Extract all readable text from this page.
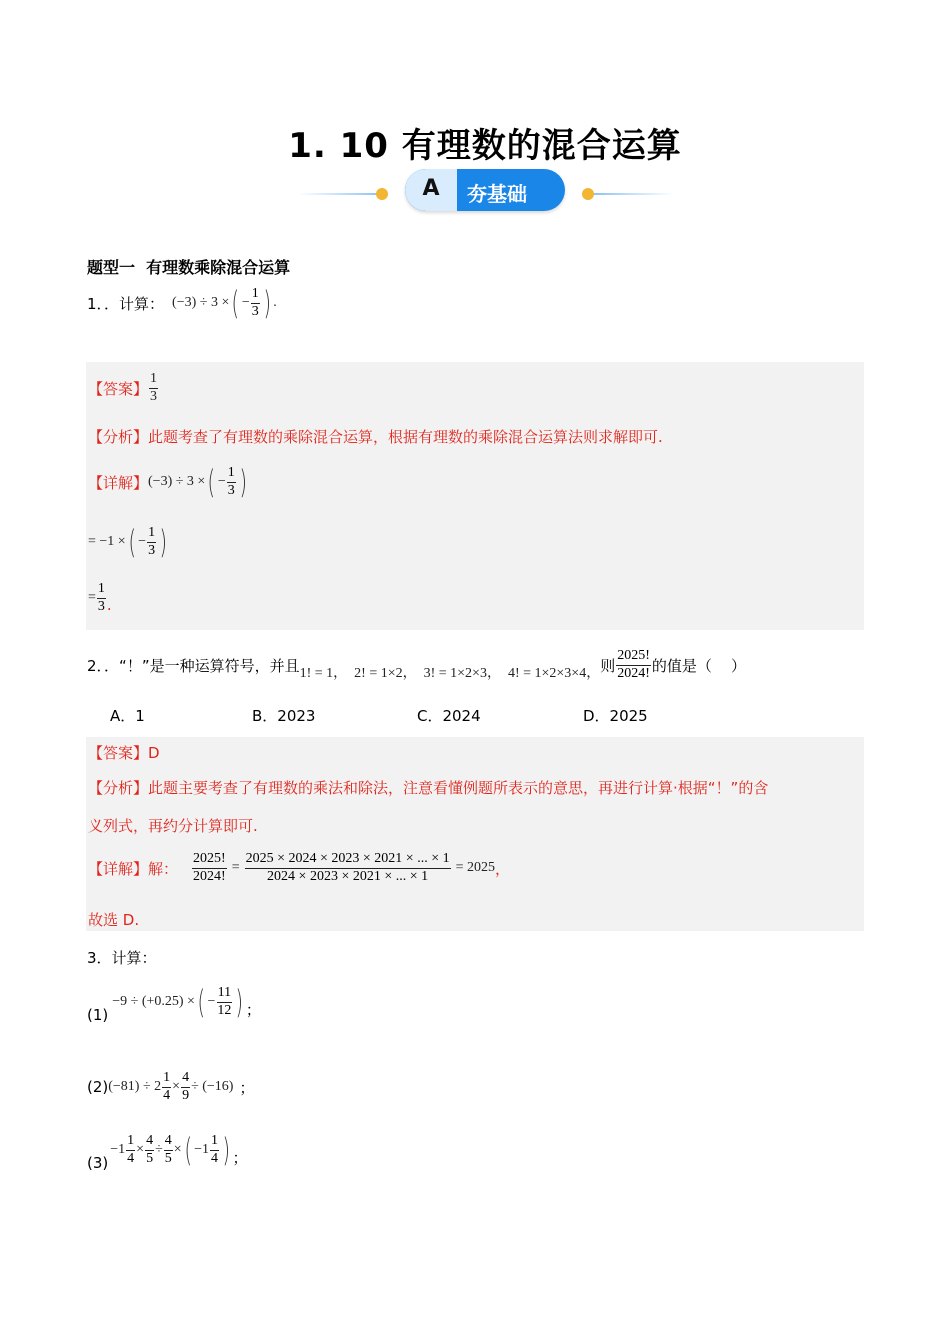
1. 10 有理数的混合运算
A	夯基础
题型一  有理数乘除混合运算
1．．计算： (−3) ÷ 3 × ( − $\frac{1}{3}$ ) .
【答案】 $\frac{1}{3}$
【分析】此题考查了有理数的乘除混合运算，根据有理数的乘除混合运算法则求解即可.
【详解】 (−3) ÷ 3 × ( − $\frac{1}{3}$ )
= −1 × ( − $\frac{1}{3}$ )
= $\frac{1}{3}$ .
2．．“！”是一种运算符号，并且 1! = 1，  2! = 1×2，  3! = 1×2×3，  4! = 1×2×3×4， 则 $\frac{2025!}{2024!}$ 的值是（    ）
A．1	B．2023	C．2024	D．2025
【答案】D
【分析】此题主要考查了有理数的乘法和除法，注意看懂例题所表示的意思，再进行计算·根据“！”的含
义列式，再约分计算即可.
【详解】 解： $\frac{2025!}{2024!} = \frac{2025 \times 2024 \times 2023 \times 2021 \times ... \times 1}{2024 \times 2023 \times 2021 \times ... \times 1} = 2025$ ，
故选 D.
3．计算：
(1)
−9 ÷ (+0.25) × ( − $\frac{11}{12}$ ) ；
(2) $(-81) \div 2 \frac{1}{4} \times \frac{4}{9} \div (-16)$ ；
(3)
$-1 \frac{1}{4} \times \frac{4}{5} \div \frac{4}{5}$ × ( $-1 \frac{1}{4}$ ) ；
